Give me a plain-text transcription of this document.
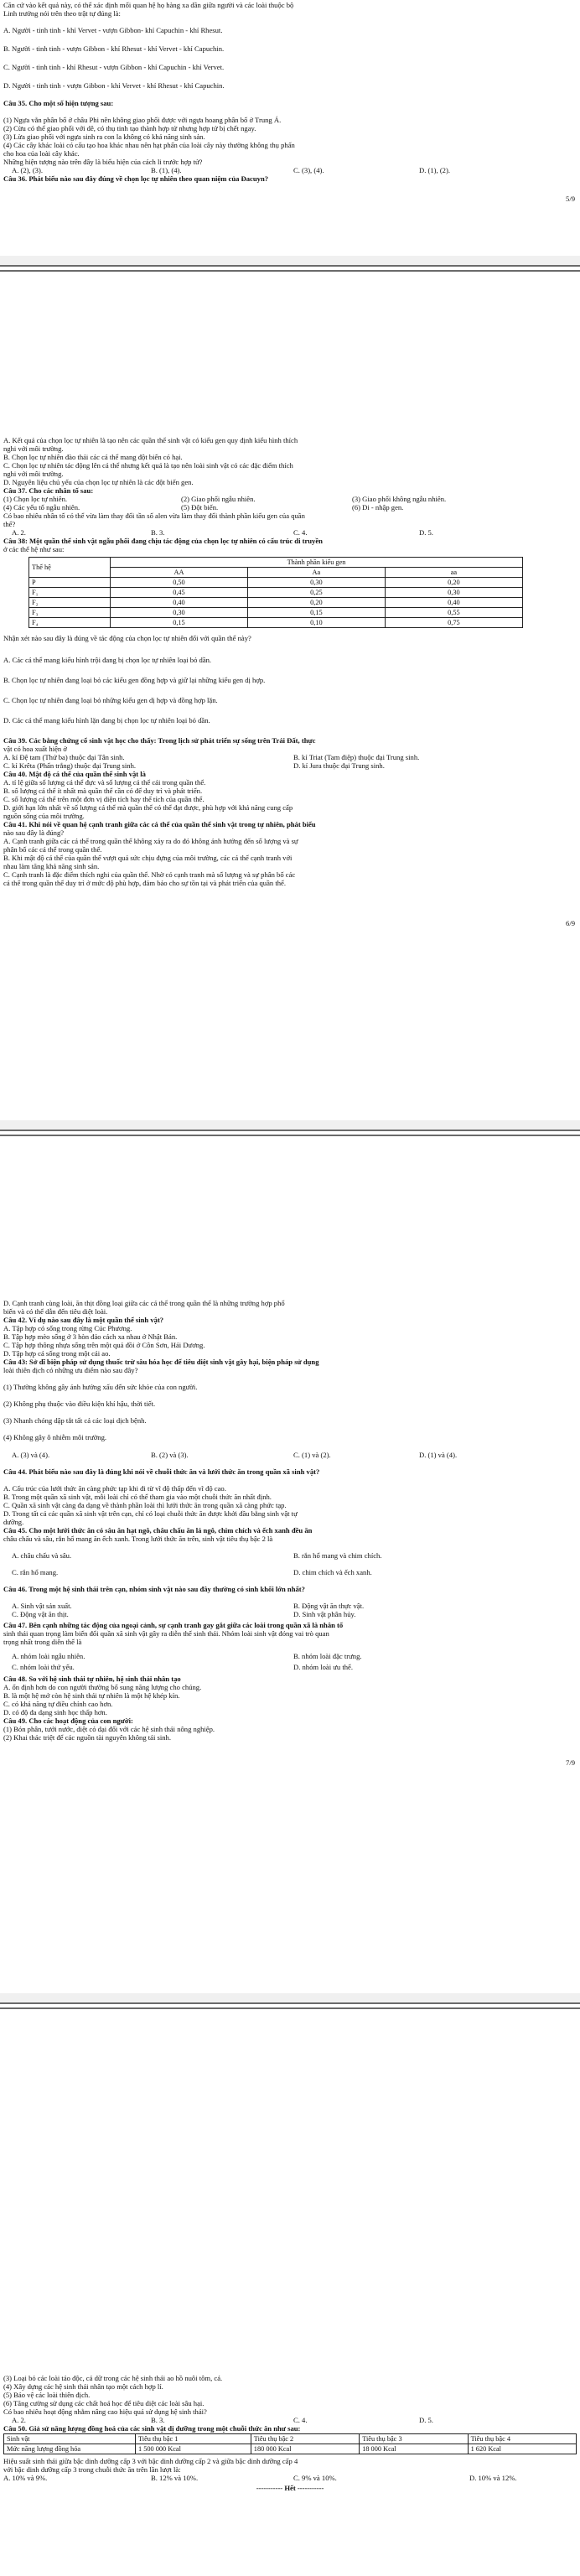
Căn cứ vào kết quả này, có thể xác định mối quan hệ họ hàng xa dần giữa người và các loài thuộc bộ
Linh trưởng nói trên theo trật tự đúng là:
A. Người - tinh tinh - khỉ Vervet - vượn Gibbon- khỉ Capuchin - khỉ Rhesut.
B. Người - tinh tinh - vượn Gibbon - khỉ Rhesut - khỉ Vervet - khỉ Capuchin.
C. Người - tinh tinh - khỉ Rhesut - vượn Gibbon - khỉ Capuchin - khỉ Vervet.
D. Người - tinh tinh - vượn Gibbon - khỉ Vervet - khỉ Rhesut - khỉ Capuchin.
Câu 35. Cho một số hiện tượng sau:
(1) Ngựa vằn phân bố ở châu Phi nên không giao phối được với ngựa hoang phân bố ở Trung Á.
(2) Cừu có thể giao phối với dê, có thụ tinh tạo thành hợp tử nhưng hợp tử bị chết ngay.
(3) Lừa giao phối với ngựa sinh ra con la không có khả năng sinh sản.
(4) Các cây khác loài có cấu tạo hoa khác nhau nên hạt phấn của loài cây này thường không thụ phấn
cho hoa của loài cây khác.
Những hiện tượng nào trên đây là biểu hiện của cách li trước hợp tử?
A. (2), (3).	B. (1), (4).	C. (3), (4).	D. (1), (2).
Câu 36. Phát biểu nào sau đây đúng về chọn lọc tự nhiên theo quan niệm của Đacuyn?
5/9
A. Kết quả của chọn lọc tự nhiên là tạo nên các quần thể sinh vật có kiểu gen quy định kiểu hình thích
nghi với môi trường.
B. Chọn lọc tự nhiên đào thải các cá thể mang đột biến có hại.
C. Chọn lọc tự nhiên tác động lên cá thể nhưng kết quả là tạo nên loài sinh vật có các đặc điểm thích
nghi với môi trường.
D. Nguyên liệu chủ yếu của chọn lọc tự nhiên là các đột biến gen.
Câu 37. Cho các nhân tố sau:
(1) Chọn lọc tự nhiên.	(2) Giao phối ngẫu nhiên.	(3) Giao phối không ngẫu nhiên.
(4) Các yếu tố ngẫu nhiên.	(5) Đột biến.	(6) Di - nhập gen.
Có bao nhiêu nhân tố có thể vừa làm thay đổi tần số alen vừa làm thay đổi thành phần kiểu gen của quần
thể?
A. 2.	B. 3.	C. 4.	D. 5.
Câu 38: Một quần thể sinh vật ngẫu phối đang chịu tác động của chọn lọc tự nhiên có cấu trúc di truyền
ở các thế hệ như sau:
Thế hệ	Thành phần kiểu gen		
	AA	Aa	aa
P	0,50	0,30	0,20
F₁	0,45	0,25	0,30
F₂	0,40	0,20	0,40
F₃	0,30	0,15	0,55
F₄	0,15	0,10	0,75
Nhận xét nào sau đây là đúng về tác động của chọn lọc tự nhiên đối với quần thể này?
A. Các cá thể mang kiểu hình trội đang bị chọn lọc tự nhiên loại bỏ dần.
B. Chọn lọc tự nhiên đang loại bỏ các kiểu gen đồng hợp và giữ lại những kiểu gen dị hợp.
C. Chọn lọc tự nhiên đang loại bỏ những kiểu gen dị hợp và đồng hợp lặn.
D. Các cá thể mang kiểu hình lặn đang bị chọn lọc tự nhiên loại bỏ dần.
Câu 39. Các bằng chứng cổ sinh vật học cho thấy: Trong lịch sử phát triển sự sống trên Trái Đất, thực
vật có hoa xuất hiện ở
A. kỉ Đệ tam (Thứ ba) thuộc đại Tân sinh.	B. kỉ Triat (Tam điệp) thuộc đại Trung sinh.
C. kỉ Krêta (Phấn trắng) thuộc đại Trung sinh.	D. kỉ Jura thuộc đại Trung sinh.
Câu 40. Mật độ cá thể của quần thể sinh vật là
A. tỉ lệ giữa số lượng cá thể đực và số lượng cá thể cái trong quần thể.
B. số lượng cá thể ít nhất mà quần thể cần có để duy trì và phát triển.
C. số lượng cá thể trên một đơn vị diện tích hay thể tích của quần thể.
D. giới hạn lớn nhất về số lượng cá thể mà quần thể có thể đạt được, phù hợp với khả năng cung cấp
nguồn sống của môi trường.
Câu 41. Khi nói về quan hệ cạnh tranh giữa các cá thể của quần thể sinh vật trong tự nhiên, phát biểu
nào sau đây là đúng?
A. Cạnh tranh giữa các cá thể trong quần thể không xảy ra do đó không ảnh hưởng đến số lượng và sự
phân bố các cá thể trong quần thể.
B. Khi mật độ cá thể của quần thể vượt quá sức chịu đựng của môi trường, các cá thể cạnh tranh với
nhau làm tăng khả năng sinh sản.
C. Cạnh tranh là đặc điểm thích nghi của quần thể. Nhờ có cạnh tranh mà số lượng và sự phân bố các
cá thể trong quần thể duy trì ở mức độ phù hợp, đảm bảo cho sự tồn tại và phát triển của quần thể.
6/9
D. Cạnh tranh cùng loài, ăn thịt đồng loại giữa các cá thể trong quần thể là những trường hợp phổ
biến và có thể dẫn đến tiêu diệt loài.
Câu 42. Ví dụ nào sau đây là một quần thể sinh vật?
A. Tập hợp cỏ sống trong rừng Cúc Phương.
B. Tập hợp mèo sống ở 3 hòn đảo cách xa nhau ở Nhật Bản.
C. Tập hợp thông nhựa sống trên một quả đồi ở Côn Sơn, Hải Dương.
D. Tập hợp cá sống trong một cái ao.
Câu 43: Sở dĩ biện pháp sử dụng thuốc trừ sâu hóa học để tiêu diệt sinh vật gây hại, biện pháp sử dụng
loài thiên địch có những ưu điểm nào sau đây?
(1) Thường không gây ảnh hưởng xấu đến sức khỏe của con người.
(2) Không phụ thuộc vào điều kiện khí hậu, thời tiết.
(3) Nhanh chóng dập tắt tất cả các loại dịch bệnh.
(4) Không gây ô nhiễm môi trường.
A. (3) và (4).	B. (2) và (3).	C. (1) và (2).	D. (1) và (4).
Câu 44. Phát biểu nào sau đây là đúng khi nói về chuỗi thức ăn và lưới thức ăn trong quần xã sinh vật?
A. Cấu trúc của lưới thức ăn càng phức tạp khi đi từ vĩ độ thấp đến vĩ độ cao.
B. Trong một quần xã sinh vật, mỗi loài chỉ có thể tham gia vào một chuỗi thức ăn nhất định.
C. Quần xã sinh vật càng đa dạng về thành phần loài thì lưới thức ăn trong quần xã càng phức tạp.
D. Trong tất cả các quần xã sinh vật trên cạn, chỉ có loại chuỗi thức ăn được khởi đầu bằng sinh vật tự
dưỡng.
Câu 45. Cho một lưới thức ăn có sâu ăn hạt ngô, châu chấu ăn lá ngô, chim chích và ếch xanh đều ăn
châu chấu và sâu, rắn hổ mang ăn ếch xanh. Trong lưới thức ăn trên, sinh vật tiêu thụ bậc 2 là
A. châu chấu và sâu.	B. rắn hổ mang và chim chích.
C. rắn hổ mang.	D. chim chích và ếch xanh.
Câu 46. Trong một hệ sinh thái trên cạn, nhóm sinh vật nào sau đây thường có sinh khối lớn nhất?
A. Sinh vật sản xuất.	B. Động vật ăn thực vật.
C. Động vật ăn thịt.	D. Sinh vật phân hủy.
Câu 47. Bên cạnh những tác động của ngoại cảnh, sự cạnh tranh gay gắt giữa các loài trong quần xã là nhân tố
sinh thái quan trọng làm biến đổi quần xã sinh vật gây ra diễn thế sinh thái. Nhóm loài sinh vật đóng vai trò quan
trọng nhất trong diễn thế là
A. nhóm loài ngẫu nhiên.	B. nhóm loài đặc trưng.
C. nhóm loài thứ yếu.	D. nhóm loài ưu thế.
Câu 48. So với hệ sinh thái tự nhiên, hệ sinh thái nhân tạo
A. ổn định hơn do con người thường bổ sung năng lượng cho chúng.
B. là một hệ mở còn hệ sinh thái tự nhiên là một hệ khép kín.
C. có khả năng tự điều chỉnh cao hơn.
D. có độ đa dạng sinh học thấp hơn.
Câu 49. Cho các hoạt động của con người:
(1) Bón phân, tưới nước, diệt cỏ dại đối với các hệ sinh thái nông nghiệp.
(2) Khai thác triệt để các nguồn tài nguyên không tái sinh.
7/9
(3) Loại bỏ các loài tảo độc, cá dữ trong các hệ sinh thái ao hồ nuôi tôm, cá.
(4) Xây dựng các hệ sinh thái nhân tạo một cách hợp lí.
(5) Bảo vệ các loài thiên địch.
(6) Tăng cường sử dụng các chất hoá học để tiêu diệt các loài sâu hại.
Có bao nhiêu hoạt động nhằm nâng cao hiệu quả sử dụng hệ sinh thái?
A. 2.	B. 3.	C. 4.	D. 5.
Câu 50. Giả sử năng lượng đồng hoá của các sinh vật dị dưỡng trong một chuỗi thức ăn như sau:
Sinh vật	Tiêu thụ bậc 1	Tiêu thụ bậc 2	Tiêu thụ bậc 3	Tiêu thụ bậc 4
Mức năng lượng đồng hóa	1 500 000 Kcal	180 000 Kcal	18 000 Kcal	1 620 Kcal
Hiệu suất sinh thái giữa bậc dinh dưỡng cấp 3 với bậc dinh dưỡng cấp 2 và giữa bậc dinh dưỡng cấp 4
với bậc dinh dưỡng cấp 3 trong chuỗi thức ăn trên lần lượt là:
A. 10% và 9%.	B. 12% và 10%.	C. 9% và 10%.	D. 10% và 12%.
----------- Hết -----------
